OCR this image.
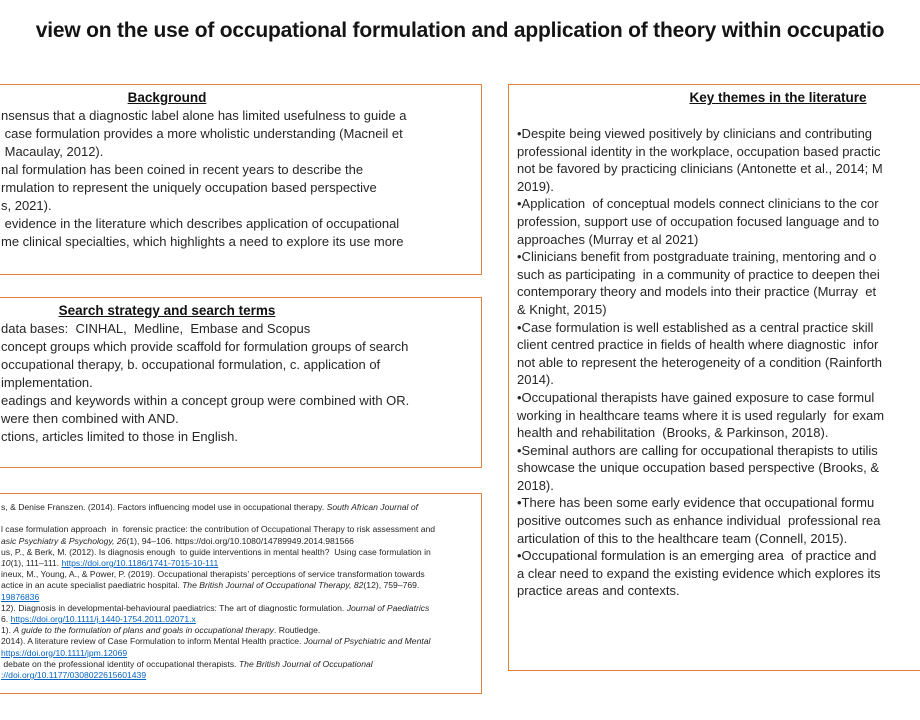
view on the use of occupational formulation and application of theory within occupatio
Background
nsensus that a diagnostic label alone has limited usefulness to guide a
case formulation provides a more wholistic understanding (Macneil et
Macaulay, 2012).
nal formulation has been coined in recent years to describe the
rmulation to represent the uniquely occupation based perspective
s, 2021).
evidence in the literature which describes application of occupational
me clinical specialties, which highlights a need to explore its use more
Search strategy and search terms
data bases:  CINHAL,  Medline,  Embase and Scopus
concept groups which provide scaffold for formulation groups of search
occupational therapy, b. occupational formulation, c. application of
implementation.
eadings and keywords within a concept group were combined with OR.
were then combined with AND.
ctions, articles limited to those in English.
s, & Denise Franszen. (2014). Factors influencing model use in occupational therapy. South African Journal of

l case formulation approach  in  forensic practice: the contribution of Occupational Therapy to risk assessment and
asic Psychiatry & Psychology, 26(1), 94–106. https://doi.org/10.1080/14789949.2014.981566
us, P., & Berk, M. (2012). Is diagnosis enough  to guide interventions in mental health?  Using case formulation in
10(1), 111–111. https://doi.org/10.1186/1741-7015-10-111
ineux, M., Young, A., & Power, P. (2019). Occupational therapists’ perceptions of service transformation towards
actice in an acute specialist paediatric hospital. The British Journal of Occupational Therapy, 82(12), 759–769.
19876836
12). Diagnosis in developmental-behavioural paediatrics: The art of diagnostic formulation. Journal of Paediatrics
6. https://doi.org/10.1111/j.1440-1754.2011.02071.x
1). A guide to the formulation of plans and goals in occupational therapy. Routledge.
2014). A literature review of Case Formulation to inform Mental Health practice. Journal of Psychiatric and Mental
https://doi.org/10.1111/jpm.12069
debate on the professional identity of occupational therapists. The British Journal of Occupational
://doi.org/10.1177/0308022615601439
Key themes in the literature
•Despite being viewed positively by clinicians and contributing
professional identity in the workplace, occupation based practic
not be favored by practicing clinicians (Antonette et al., 2014; M
2019).
•Application  of conceptual models connect clinicians to the cor
profession, support use of occupation focused language and to
approaches (Murray et al 2021)
•Clinicians benefit from postgraduate training, mentoring and o
such as participating  in a community of practice to deepen thei
contemporary theory and models into their practice (Murray  et
& Knight, 2015)
•Case formulation is well established as a central practice skill
client centred practice in fields of health where diagnostic  infor
not able to represent the heterogeneity of a condition (Rainforth
2014).
•Occupational therapists have gained exposure to case formul
working in healthcare teams where it is used regularly  for exam
health and rehabilitation  (Brooks, & Parkinson, 2018).
•Seminal authors are calling for occupational therapists to utilis
showcase the unique occupation based perspective (Brooks, &
2018).
•There has been some early evidence that occupational formu
positive outcomes such as enhance individual  professional rea
articulation of this to the healthcare team (Connell, 2015).
•Occupational formulation is an emerging area  of practice and
a clear need to expand the existing evidence which explores its
practice areas and contexts.
